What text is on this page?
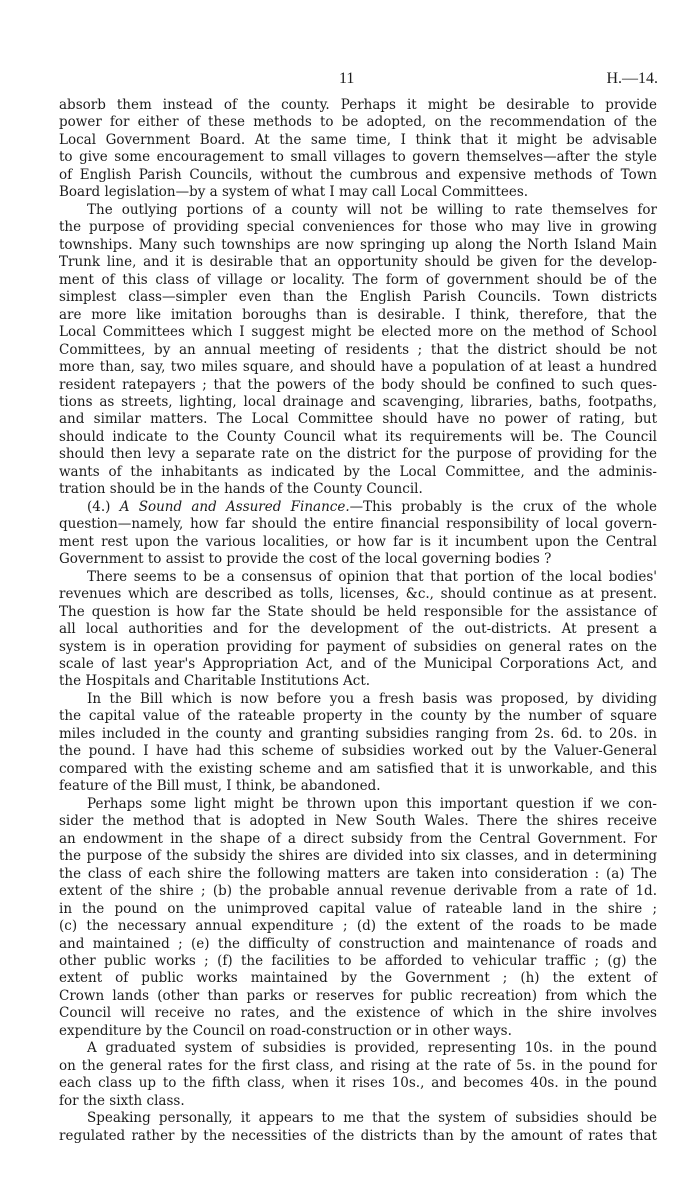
11	H.—14.
absorb them instead of the county. Perhaps it might be desirable to provide
power for either of these methods to be adopted, on the recommendation of the
Local Government Board. At the same time, I think that it might be advisable
to give some encouragement to small villages to govern themselves—after the style
of English Parish Councils, without the cumbrous and expensive methods of Town
Board legislation—by a system of what I may call Local Committees.
The outlying portions of a county will not be willing to rate themselves for
the purpose of providing special conveniences for those who may live in growing
townships. Many such townships are now springing up along the North Island Main
Trunk line, and it is desirable that an opportunity should be given for the develop-
ment of this class of village or locality. The form of government should be of the
simplest class—simpler even than the English Parish Councils. Town districts
are more like imitation boroughs than is desirable. I think, therefore, that the
Local Committees which I suggest might be elected more on the method of School
Committees, by an annual meeting of residents ; that the district should be not
more than, say, two miles square, and should have a population of at least a hundred
resident ratepayers ; that the powers of the body should be confined to such ques-
tions as streets, lighting, local drainage and scavenging, libraries, baths, footpaths,
and similar matters. The Local Committee should have no power of rating, but
should indicate to the County Council what its requirements will be. The Council
should then levy a separate rate on the district for the purpose of providing for the
wants of the inhabitants as indicated by the Local Committee, and the adminis-
tration should be in the hands of the County Council.
(4.) A Sound and Assured Finance.—This probably is the crux of the whole
question—namely, how far should the entire financial responsibility of local govern-
ment rest upon the various localities, or how far is it incumbent upon the Central
Government to assist to provide the cost of the local governing bodies ?
There seems to be a consensus of opinion that that portion of the local bodies'
revenues which are described as tolls, licenses, &c., should continue as at present.
The question is how far the State should be held responsible for the assistance of
all local authorities and for the development of the out-districts. At present a
system is in operation providing for payment of subsidies on general rates on the
scale of last year's Appropriation Act, and of the Municipal Corporations Act, and
the Hospitals and Charitable Institutions Act.
In the Bill which is now before you a fresh basis was proposed, by dividing
the capital value of the rateable property in the county by the number of square
miles included in the county and granting subsidies ranging from 2s. 6d. to 20s. in
the pound. I have had this scheme of subsidies worked out by the Valuer-General
compared with the existing scheme and am satisfied that it is unworkable, and this
feature of the Bill must, I think, be abandoned.
Perhaps some light might be thrown upon this important question if we con-
sider the method that is adopted in New South Wales. There the shires receive
an endowment in the shape of a direct subsidy from the Central Government. For
the purpose of the subsidy the shires are divided into six classes, and in determining
the class of each shire the following matters are taken into consideration : (a) The
extent of the shire ; (b) the probable annual revenue derivable from a rate of 1d.
in the pound on the unimproved capital value of rateable land in the shire ;
(c) the necessary annual expenditure ; (d) the extent of the roads to be made
and maintained ; (e) the difficulty of construction and maintenance of roads and
other public works ; (f) the facilities to be afforded to vehicular traffic ; (g) the
extent of public works maintained by the Government ; (h) the extent of
Crown lands (other than parks or reserves for public recreation) from which the
Council will receive no rates, and the existence of which in the shire involves
expenditure by the Council on road-construction or in other ways.
A graduated system of subsidies is provided, representing 10s. in the pound
on the general rates for the first class, and rising at the rate of 5s. in the pound for
each class up to the fifth class, when it rises 10s., and becomes 40s. in the pound
for the sixth class.
Speaking personally, it appears to me that the system of subsidies should be
regulated rather by the necessities of the districts than by the amount of rates that
